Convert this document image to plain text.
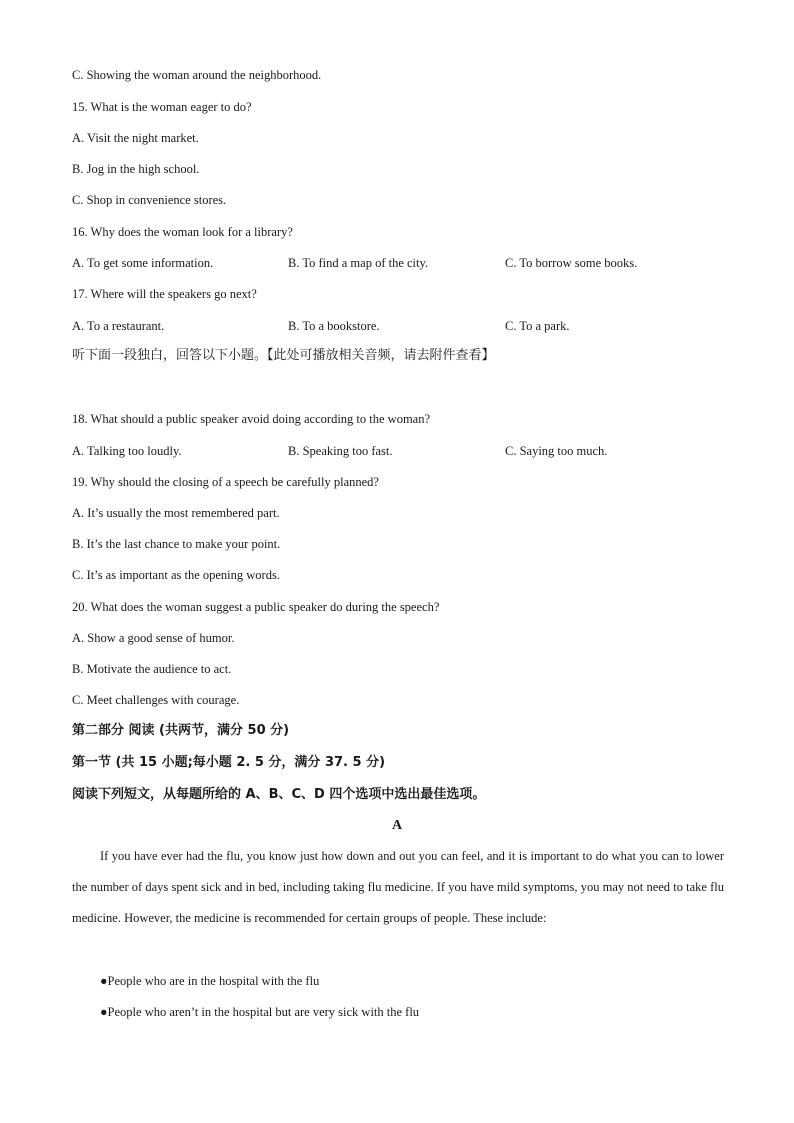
C. Showing the woman around the neighborhood.
15. What is the woman eager to do?
A. Visit the night market.
B. Jog in the high school.
C. Shop in convenience stores.
16. Why does the woman look for a library?
A. To get some information.	B. To find a map of the city.	C. To borrow some books.
17. Where will the speakers go next?
A. To a restaurant.	B. To a bookstore.	C. To a park.
听下面一段独白，回答以下小题。【此处可播放相关音频，请去附件查看】
18. What should a public speaker avoid doing according to the woman?
A. Talking too loudly.	B. Speaking too fast.	C. Saying too much.
19. Why should the closing of a speech be carefully planned?
A. It’s usually the most remembered part.
B. It’s the last chance to make your point.
C. It’s as important as the opening words.
20. What does the woman suggest a public speaker do during the speech?
A. Show a good sense of humor.
B. Motivate the audience to act.
C. Meet challenges with courage.
第二部分 阅读 (共两节，满分 50 分)
第一节 (共 15 小题;每小题 2. 5 分，满分 37. 5 分)
阅读下列短文，从每题所给的 A、B、C、D 四个选项中选出最佳选项。
A
If you have ever had the flu, you know just how down and out you can feel, and it is important to do what you can to lower the number of days spent sick and in bed, including taking flu medicine. If you have mild symptoms, you may not need to take flu medicine. However, the medicine is recommended for certain groups of people. These include:
●People who are in the hospital with the flu
●People who aren’t in the hospital but are very sick with the flu
